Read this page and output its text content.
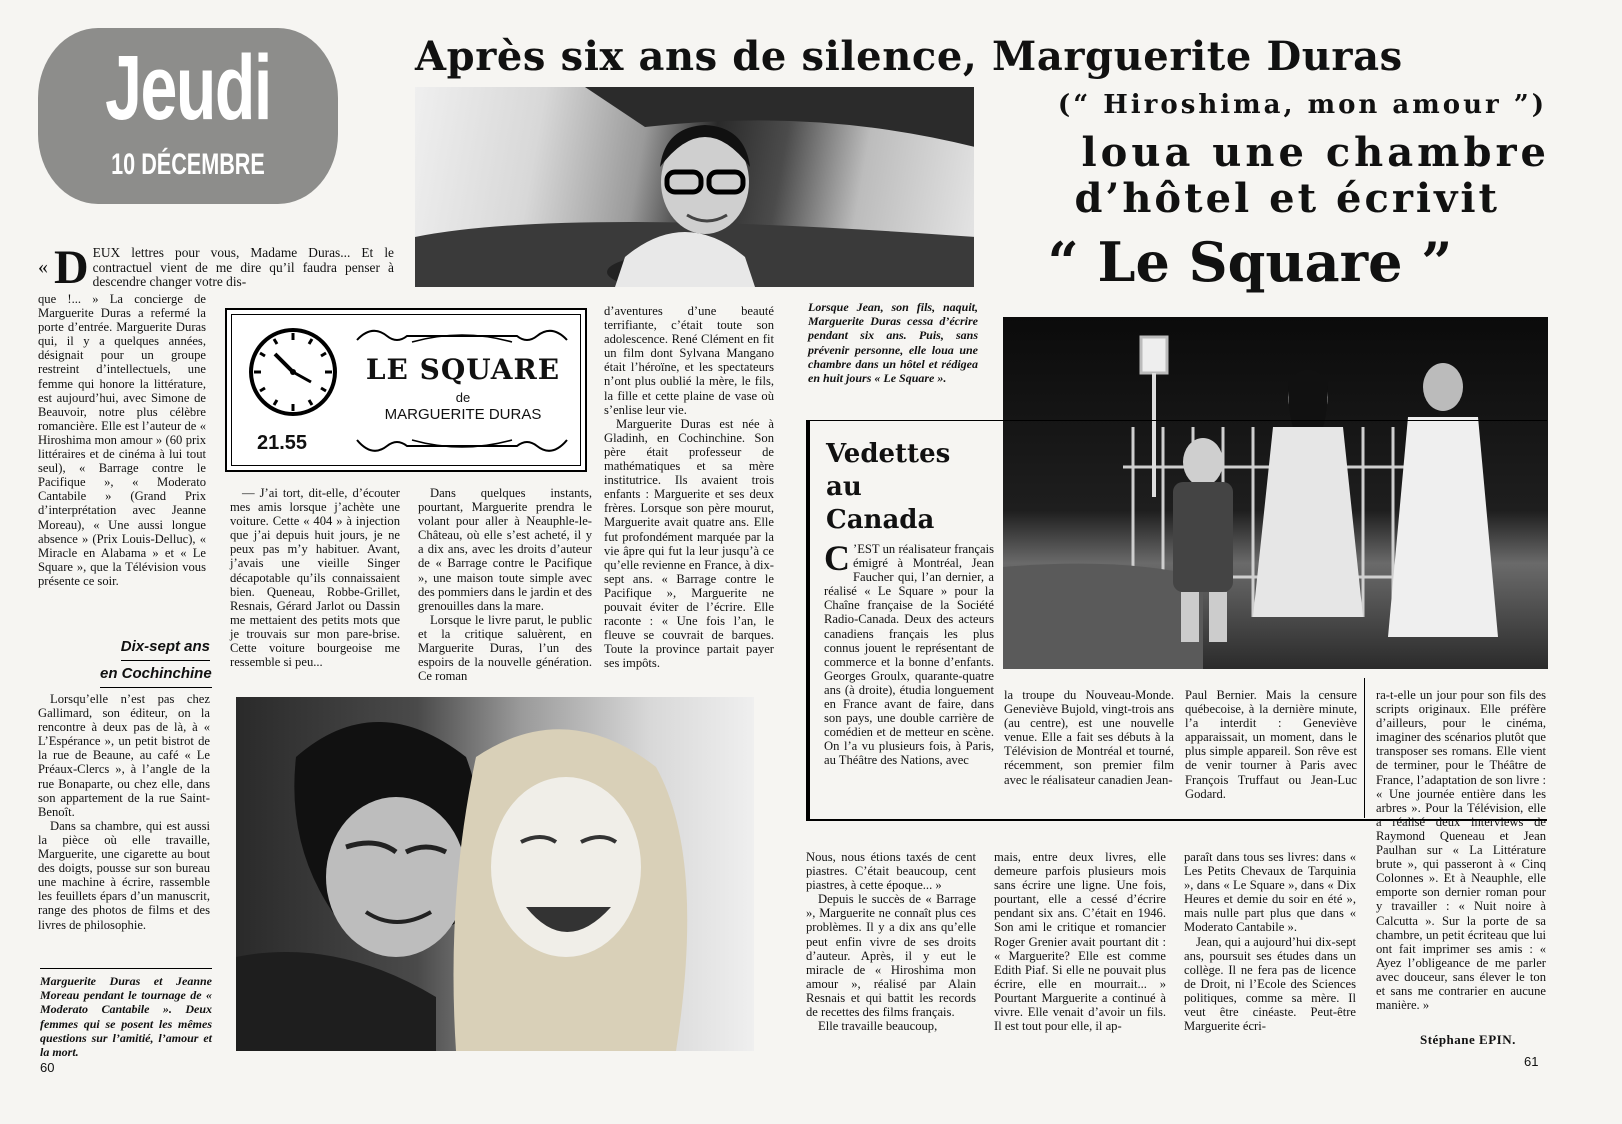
Jeudi
10 DÉCEMBRE
Après six ans de silence, Marguerite Duras
(“ Hiroshima, mon amour ”)
loua une chambre
d’hôtel et écrivit
“ Le Square ”
« D EUX lettres pour vous, Madame Duras... Et le contractuel vient de me dire qu’il faudra penser à descendre changer votre dis-

que !... » La concierge de Marguerite Duras a refermé la porte d’entrée. Marguerite Duras qui, il y a quelques années, désignait pour un groupe restreint d’intellectuels, une femme qui honore la littérature, est aujourd’hui, avec Simone de Beauvoir, notre plus célèbre romancière. Elle est l’auteur de « Hiroshima mon amour » (60 prix littéraires et de cinéma à lui tout seul), « Barrage contre le Pacifique », « Moderato Cantabile » (Grand Prix d’interprétation avec Jeanne Moreau), « Une aussi longue absence » (Prix Louis-Delluc), « Miracle en Alabama » et « Le Square », que la Télévision vous présente ce soir.

Dix-sept ans en Cochinchine

Lorsqu’elle n’est pas chez Gallimard, son éditeur, on la rencontre à deux pas de là, à « L’Espérance », un petit bistrot de la rue de Beaune, au café « Le Préaux-Clercs », à l’angle de la rue Bonaparte, ou chez elle, dans son appartement de la rue Saint-Benoît.

Dans sa chambre, qui est aussi la pièce où elle travaille, Marguerite, une cigarette au bout des doigts, pousse sur son bureau une machine à écrire, rassemble les feuillets épars d’un manuscrit, range des photos de films et des livres de philosophie.

LE SQUARE
de
MARGUERITE DURAS
21.55

— J’ai tort, dit-elle, d’écouter mes amis lorsque j’achète une voiture. Cette « 404 » à injection que j’ai depuis huit jours, je ne peux pas m’y habituer. Avant, j’avais une vieille Singer décapotable qu’ils connaissaient bien. Queneau, Robbe-Grillet, Resnais, Gérard Jarlot ou Dassin me mettaient des petits mots que je trouvais sur mon pare-brise. Cette voiture bourgeoise me ressemble si peu...

Dans quelques instants, pourtant, Marguerite prendra le volant pour aller à Neauphle-le-Château, où elle s’est acheté, il y a dix ans, avec les droits d’auteur de « Barrage contre le Pacifique », une maison toute simple avec des pommiers dans le jardin et des grenouilles dans la mare.

Lorsque le livre parut, le public et la critique saluèrent, en Marguerite Duras, l’un des espoirs de la nouvelle génération. Ce roman

d’aventures d’une beauté terrifiante, c’était toute son adolescence. René Clément en fit un film dont Sylvana Mangano était l’héroïne, et les spectateurs n’ont plus oublié la mère, le fils, la fille et cette plaine de vase où s’enlise leur vie.

Marguerite Duras est née à Gladinh, en Cochinchine. Son père était professeur de mathématiques et sa mère institutrice. Ils avaient trois enfants : Marguerite et ses deux frères. Lorsque son père mourut, Marguerite avait quatre ans. Elle fut profondément marquée par la vie âpre qui fut la leur jusqu’à ce qu’elle revienne en France, à dix-sept ans. « Barrage contre le Pacifique », Marguerite ne pouvait éviter de l’écrire. Elle raconte : « Une fois l’an, le fleuve se couvrait de barques. Toute la province partait payer ses impôts.

Lorsque Jean, son fils, naquit, Marguerite Duras cessa d’écrire pendant six ans. Puis, sans prévenir personne, elle loua une chambre dans un hôtel et rédigea en huit jours « Le Square ».

Vedettes
au
Canada
C ’EST un réalisateur français émigré à Montréal, Jean Faucher qui, l’an dernier, a réalisé « Le Square » pour la Chaîne française de la Société Radio-Canada. Deux des acteurs canadiens français les plus connus jouent le représentant de commerce et la bonne d’enfants. Georges Groulx, quarante-quatre ans (à droite), étudia longuement en France avant de faire, dans son pays, une double carrière de comédien et de metteur en scène. On l’a vu plusieurs fois, à Paris, au Théâtre des Nations, avec

la troupe du Nouveau-Monde. Geneviève Bujold, vingt-trois ans (au centre), est une nouvelle venue. Elle a fait ses débuts à la Télévision de Montréal et tourné, récemment, son premier film avec le réalisateur canadien Jean-

Paul Bernier. Mais la censure québecoise, à la dernière minute, l’a interdit : Geneviève apparaissait, un moment, dans le plus simple appareil. Son rêve est de venir tourner à Paris avec François Truffaut ou Jean-Luc Godard.

Marguerite Duras et Jeanne Moreau pendant le tournage de « Moderato Cantabile ». Deux femmes qui se posent les mêmes questions sur l’amitié, l’amour et la mort.

Nous, nous étions taxés de cent piastres. C’était beaucoup, cent piastres, à cette époque... »

Depuis le succès de « Barrage », Marguerite ne connaît plus ces problèmes. Il y a dix ans qu’elle peut enfin vivre de ses droits d’auteur. Après, il y eut le miracle de « Hiroshima mon amour », réalisé par Alain Resnais et qui battit les records de recettes des films français.

Elle travaille beaucoup,

mais, entre deux livres, elle demeure parfois plusieurs mois sans écrire une ligne. Une fois, pourtant, elle a cessé d’écrire pendant six ans. C’était en 1946. Son ami le critique et romancier Roger Grenier avait pourtant dit : « Marguerite? Elle est comme Edith Piaf. Si elle ne pouvait plus écrire, elle en mourrait... » Pourtant Marguerite a continué à vivre. Elle venait d’avoir un fils. Il est tout pour elle, il ap-

paraît dans tous ses livres: dans « Les Petits Chevaux de Tarquinia », dans « Le Square », dans « Dix Heures et demie du soir en été », mais nulle part plus que dans « Moderato Cantabile ».

Jean, qui a aujourd’hui dix-sept ans, poursuit ses études dans un collège. Il ne fera pas de licence de Droit, ni l’Ecole des Sciences politiques, comme sa mère. Il veut être cinéaste. Peut-être Marguerite écri-

ra-t-elle un jour pour son fils des scripts originaux. Elle préfère d’ailleurs, pour le cinéma, imaginer des scénarios plutôt que transposer ses romans. Elle vient de terminer, pour le Théâtre de France, l’adaptation de son livre : « Une journée entière dans les arbres ». Pour la Télévision, elle a réalisé deux interviews de Raymond Queneau et Jean Paulhan sur « La Littérature brute », qui passeront à « Cinq Colonnes ». Et à Neauphle, elle emporte son dernier roman pour y travailler : « Nuit noire à Calcutta ». Sur la porte de sa chambre, un petit écriteau que lui ont fait imprimer ses amis : « Ayez l’obligeance de me parler avec douceur, sans élever le ton et sans me contrarier en aucune manière. »

Stéphane EPIN.
60	61
